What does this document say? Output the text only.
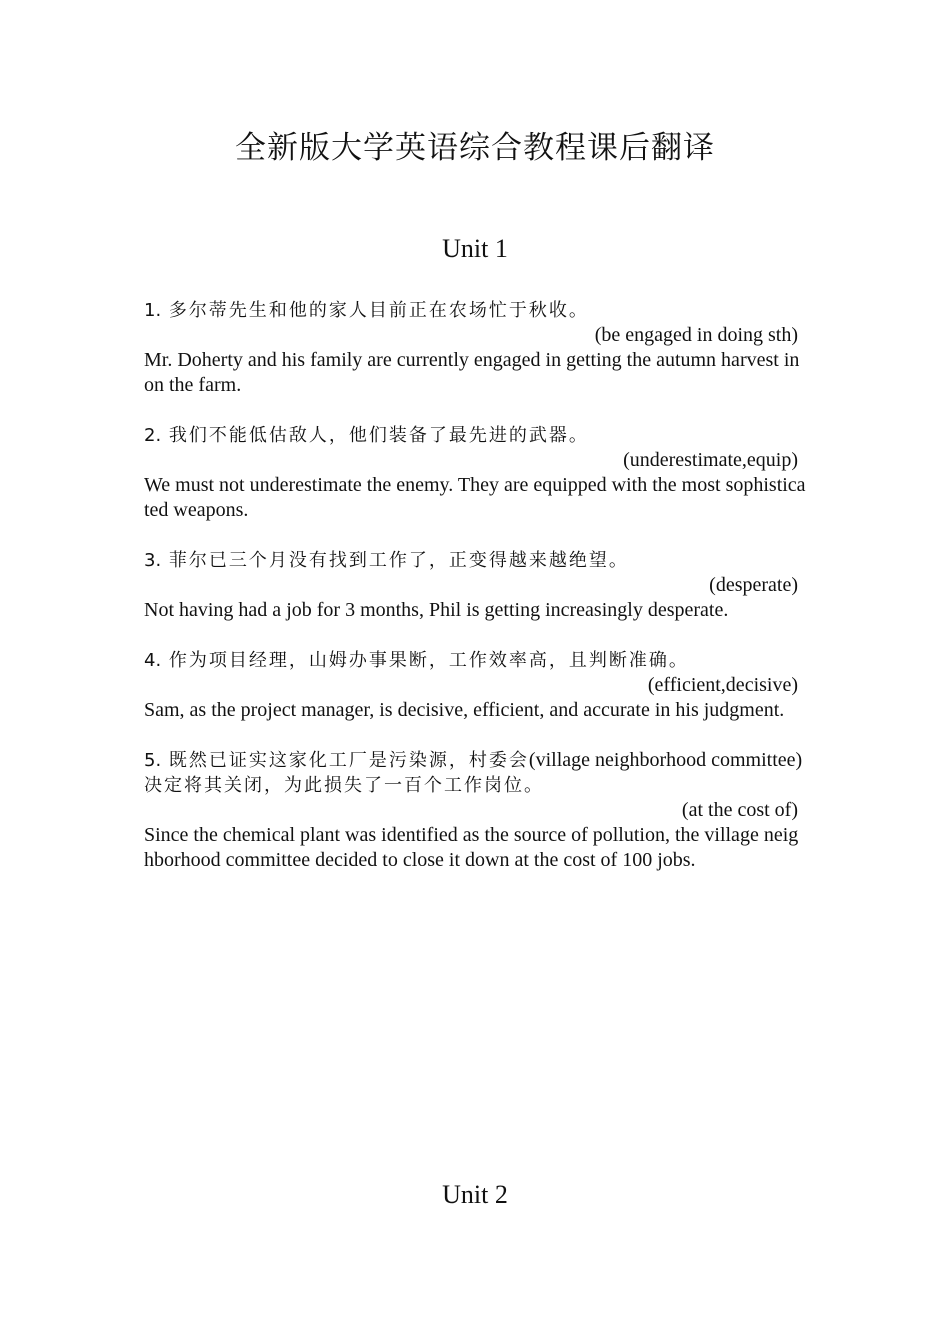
全新版大学英语综合教程课后翻译
Unit 1
1. 多尔蒂先生和他的家人目前正在农场忙于秋收。
(be engaged in doing sth)
Mr. Doherty and his family are currently engaged in getting the autumn harvest in on the farm.
2. 我们不能低估敌人，他们装备了最先进的武器。
(underestimate,equip)
We must not underestimate the enemy. They are equipped with the most sophisticated weapons.
3. 菲尔已三个月没有找到工作了，正变得越来越绝望。
(desperate)
Not having had a job for 3 months, Phil is getting increasingly desperate.
4. 作为项目经理，山姆办事果断，工作效率高，且判断准确。
(efficient,decisive)
Sam, as the project manager, is decisive, efficient, and accurate in his judgment.
5. 既然已证实这家化工厂是污染源，村委会(village neighborhood committee)决定将其关闭，为此损失了一百个工作岗位。
(at the cost of)
Since the chemical plant was identified as the source of pollution, the village neighborhood committee decided to close it down at the cost of 100 jobs.
Unit 2
